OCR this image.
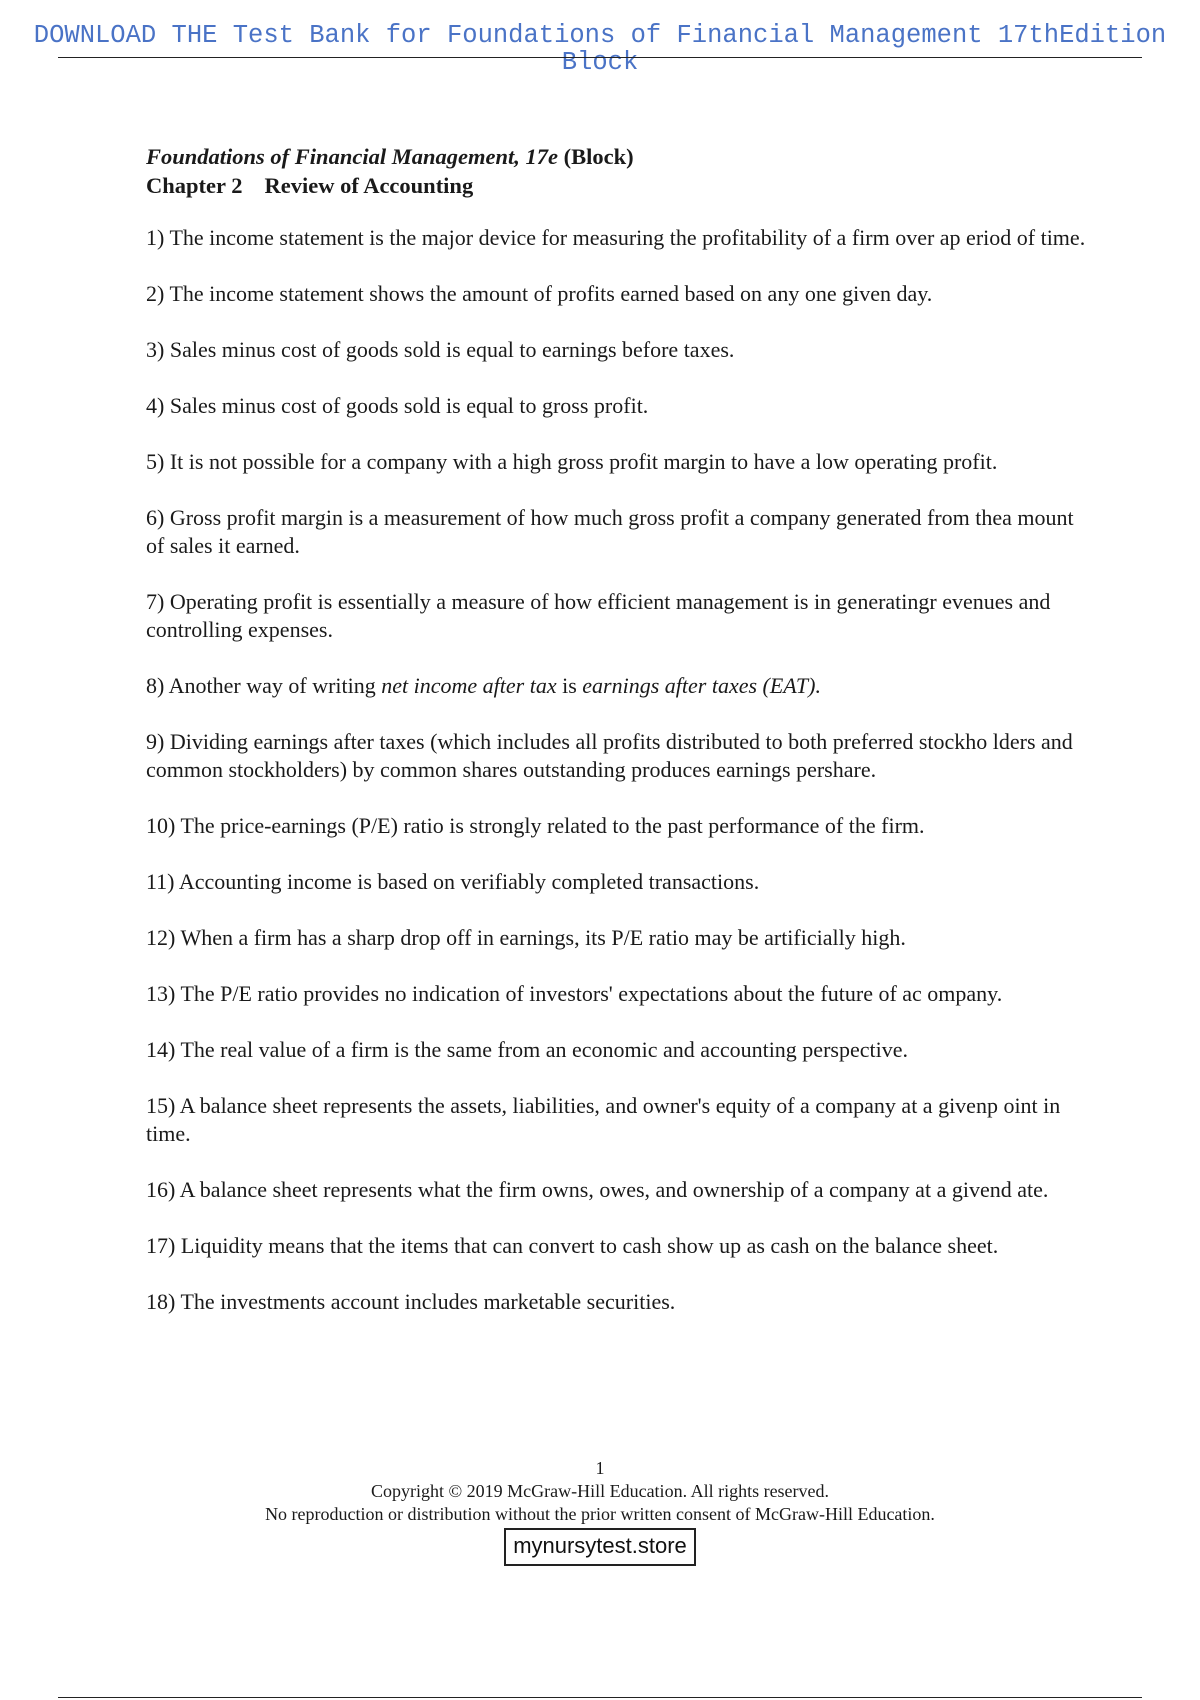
DOWNLOAD THE Test Bank for Foundations of Financial Management 17thEdition Block

Foundations of Financial Management, 17e (Block)

Chapter 2 Review of Accounting

1) The income statement is the major device for measuring the profitability of a firm over ap eriod of time.
2) The income statement shows the amount of profits earned based on any one given day.
3) Sales minus cost of goods sold is equal to earnings before taxes.
4) Sales minus cost of goods sold is equal to gross profit.
5) It is not possible for a company with a high gross profit margin to have a low operating profit.
6) Gross profit margin is a measurement of how much gross profit a company generated from thea mount of sales it earned.
7) Operating profit is essentially a measure of how efficient management is in generatingr evenues and controlling expenses.
8) Another way of writing net income after tax is earnings after taxes (EAT).
9) Dividing earnings after taxes (which includes all profits distributed to both preferred stockho lders and common stockholders) by common shares outstanding produces earnings pershare.
10) The price-earnings (P/E) ratio is strongly related to the past performance of the firm.
11) Accounting income is based on verifiably completed transactions.
12) When a firm has a sharp drop off in earnings, its P/E ratio may be artificially high.
13) The P/E ratio provides no indication of investors' expectations about the future of ac ompany.
14) The real value of a firm is the same from an economic and accounting perspective.
15) A balance sheet represents the assets, liabilities, and owner's equity of a company at a givenp oint in time.
16) A balance sheet represents what the firm owns, owes, and ownership of a company at a givend ate.
17) Liquidity means that the items that can convert to cash show up as cash on the balance sheet.
18) The investments account includes marketable securities.
1
Copyright © 2019 McGraw-Hill Education. All rights reserved.
No reproduction or distribution without the prior written consent of McGraw-Hill Education.
mynursytest.store
